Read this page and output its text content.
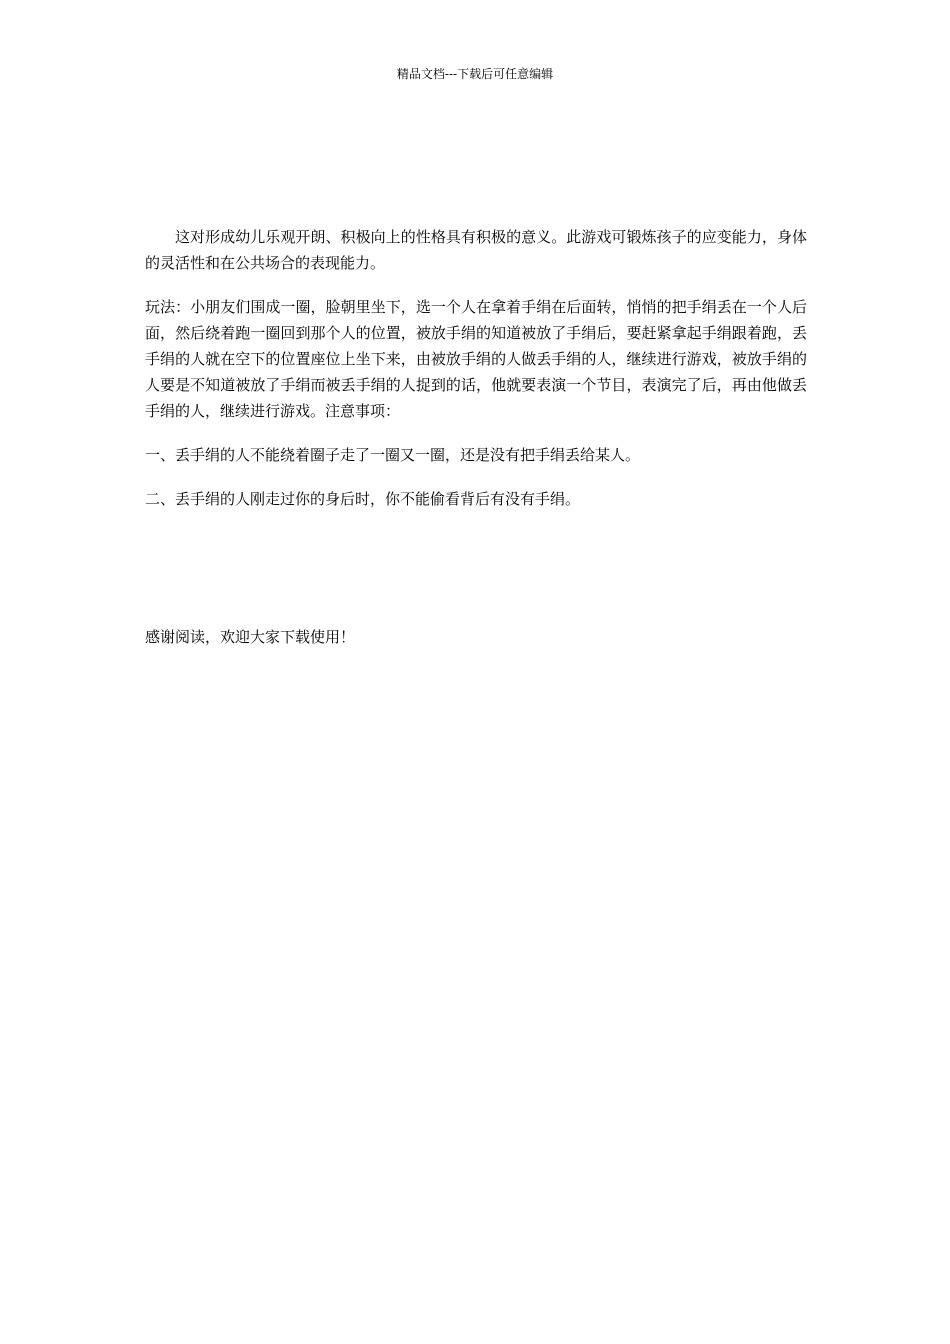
精品文档---下载后可任意编辑

这对形成幼儿乐观开朗、积极向上的性格具有积极的意义。此游戏可锻炼孩子的应变能力，身体的灵活性和在公共场合的表现能力。

玩法：小朋友们围成一圈，脸朝里坐下，选一个人在拿着手绢在后面转，悄悄的把手绢丢在一个人后面，然后绕着跑一圈回到那个人的位置，被放手绢的知道被放了手绢后，要赶紧拿起手绢跟着跑，丢手绢的人就在空下的位置座位上坐下来，由被放手绢的人做丢手绢的人，继续进行游戏，被放手绢的人要是不知道被放了手绢而被丢手绢的人捉到的话，他就要表演一个节目，表演完了后，再由他做丢手绢的人，继续进行游戏。注意事项：

一、丢手绢的人不能绕着圈子走了一圈又一圈，还是没有把手绢丢给某人。

二、丢手绢的人刚走过你的身后时，你不能偷看背后有没有手绢。

感谢阅读，欢迎大家下载使用！
